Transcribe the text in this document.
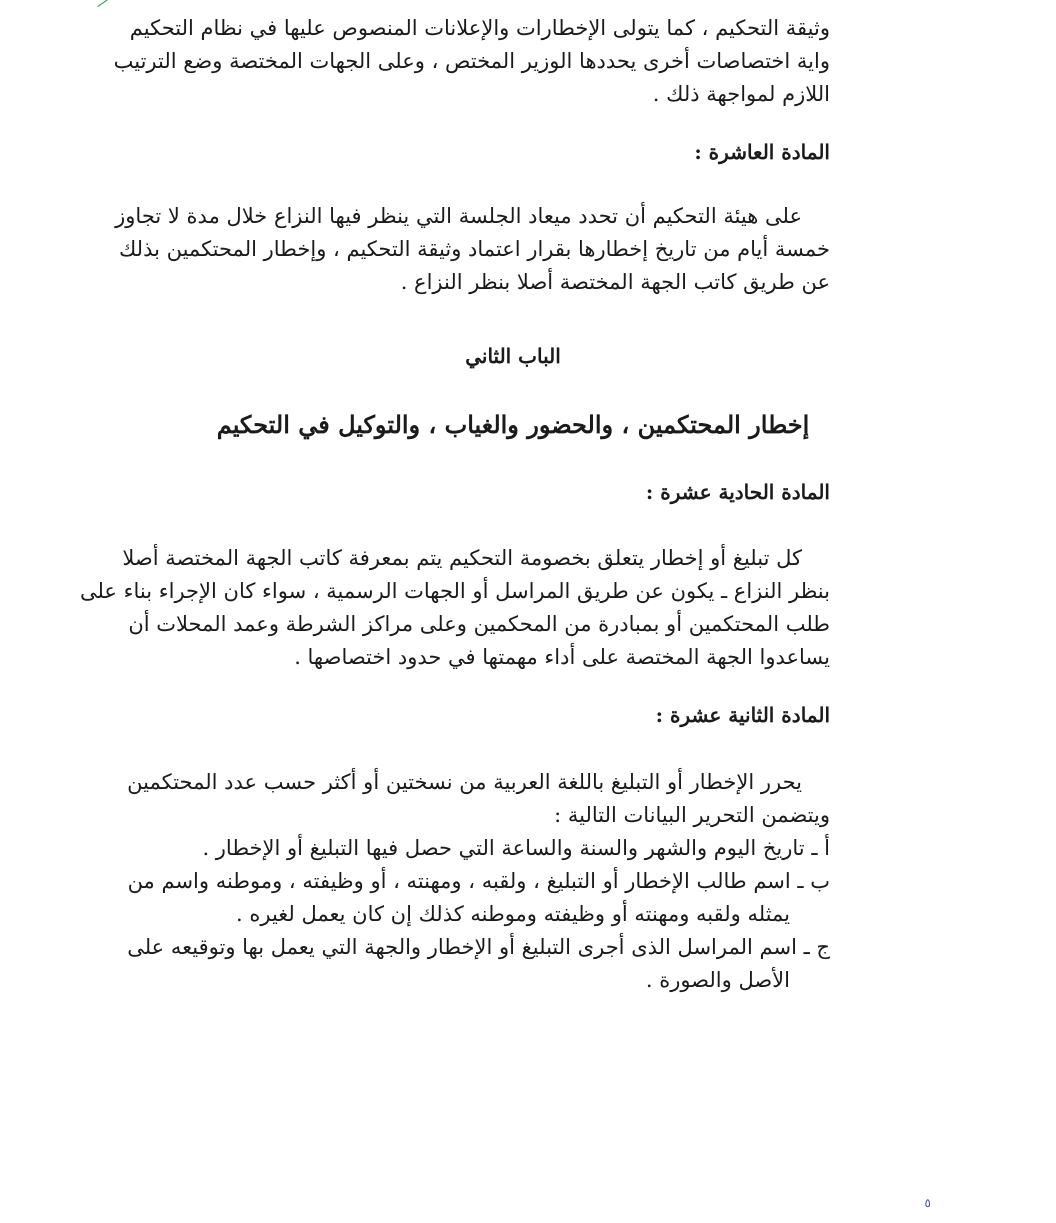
وثيقة التحكيم ، كما يتولى الإخطارات والإعلانات المنصوص عليها في نظام التحكيم
واية اختصاصات أخرى يحددها الوزير المختص ، وعلى الجهات المختصة وضع الترتيب
اللازم لمواجهة ذلك .
المادة العاشرة :
على هيئة التحكيم أن تحدد ميعاد الجلسة التي ينظر فيها النزاع خلال مدة لا تجاوز
خمسة أيام من تاريخ إخطارها بقرار اعتماد وثيقة التحكيم ، وإخطار المحتكمين بذلك
عن طريق كاتب الجهة المختصة أصلا بنظر النزاع .
الباب الثاني
إخطار المحتكمين ، والحضور والغياب ، والتوكيل في التحكيم
المادة الحادية عشرة :
كل تبليغ أو إخطار يتعلق بخصومة التحكيم يتم بمعرفة كاتب الجهة المختصة أصلا
بنظر النزاع ـ يكون عن طريق المراسل أو الجهات الرسمية ، سواء كان الإجراء بناء على
طلب المحتكمين أو بمبادرة من المحكمين وعلى مراكز الشرطة وعمد المحلات أن
يساعدوا الجهة المختصة على أداء مهمتها في حدود اختصاصها .
المادة الثانية عشرة :
يحرر الإخطار أو التبليغ باللغة العربية من نسختين أو أكثر حسب عدد المحتكمين
ويتضمن التحرير البيانات التالية :
أ ـ تاريخ اليوم والشهر والسنة والساعة التي حصل فيها التبليغ أو الإخطار .
ب ـ اسم طالب الإخطار أو التبليغ ، ولقبه ، ومهنته ، أو وظيفته ، وموطنه واسم من
يمثله ولقبه ومهنته أو وظيفته وموطنه كذلك إن كان يعمل لغيره .
ج ـ اسم المراسل الذى أجرى التبليغ أو الإخطار والجهة التي يعمل بها وتوقيعه على
الأصل والصورة .
٥
